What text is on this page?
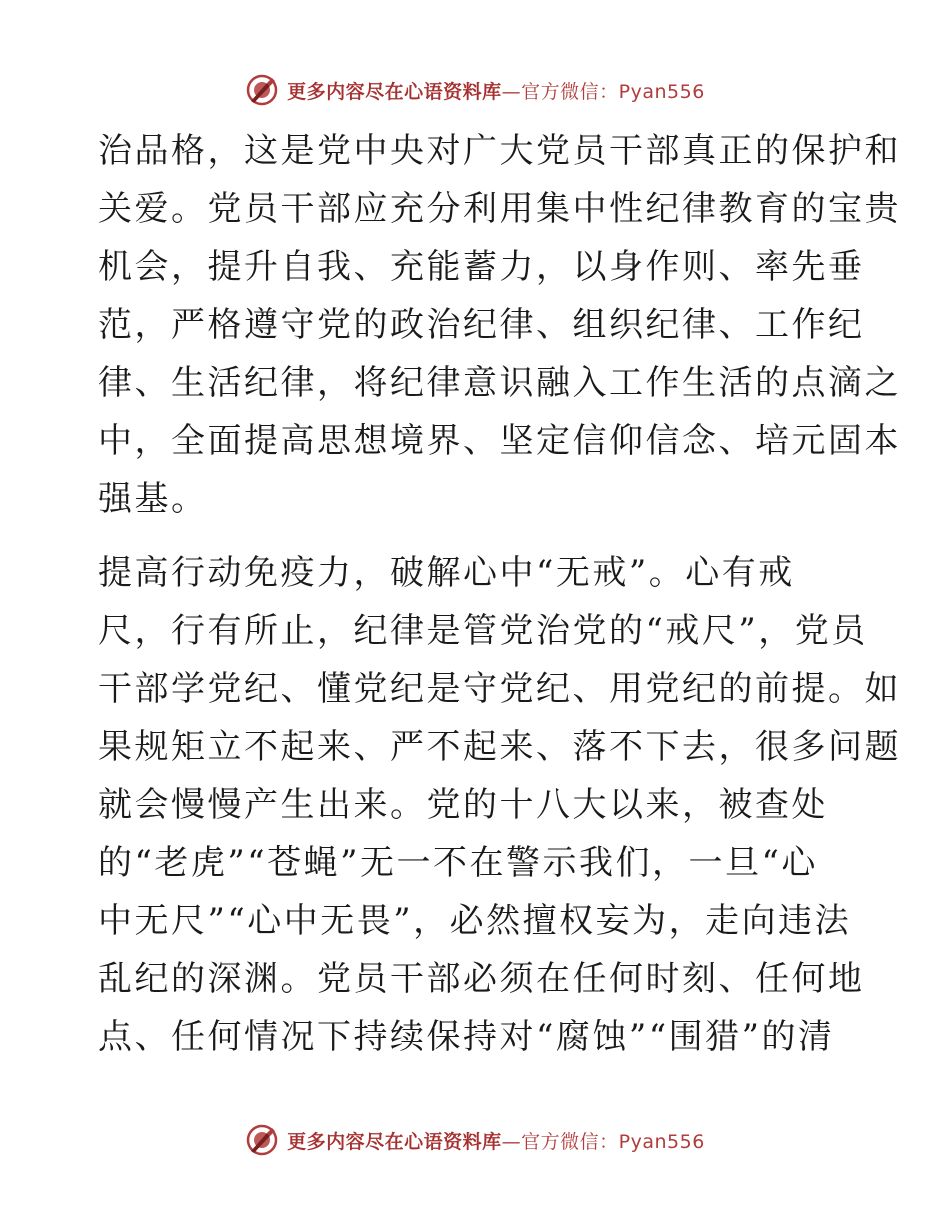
更多内容尽在心语资料库—官方微信：Pyan556
治品格，这是党中央对广大党员干部真正的保护和
关爱。党员干部应充分利用集中性纪律教育的宝贵
机会，提升自我、充能蓄力，以身作则、率先垂
范，严格遵守党的政治纪律、组织纪律、工作纪
律、生活纪律，将纪律意识融入工作生活的点滴之
中，全面提高思想境界、坚定信仰信念、培元固本
强基。
提高行动免疫力，破解心中“无戒”。心有戒
尺，行有所止，纪律是管党治党的“戒尺”，党员
干部学党纪、懂党纪是守党纪、用党纪的前提。如
果规矩立不起来、严不起来、落不下去，很多问题
就会慢慢产生出来。党的十八大以来，被查处
的“老虎”“苍蝇”无一不在警示我们，一旦“心
中无尺”“心中无畏”，必然擅权妄为，走向违法
乱纪的深渊。党员干部必须在任何时刻、任何地
点、任何情况下持续保持对“腐蚀”“围猎”的清
更多内容尽在心语资料库—官方微信：Pyan556
